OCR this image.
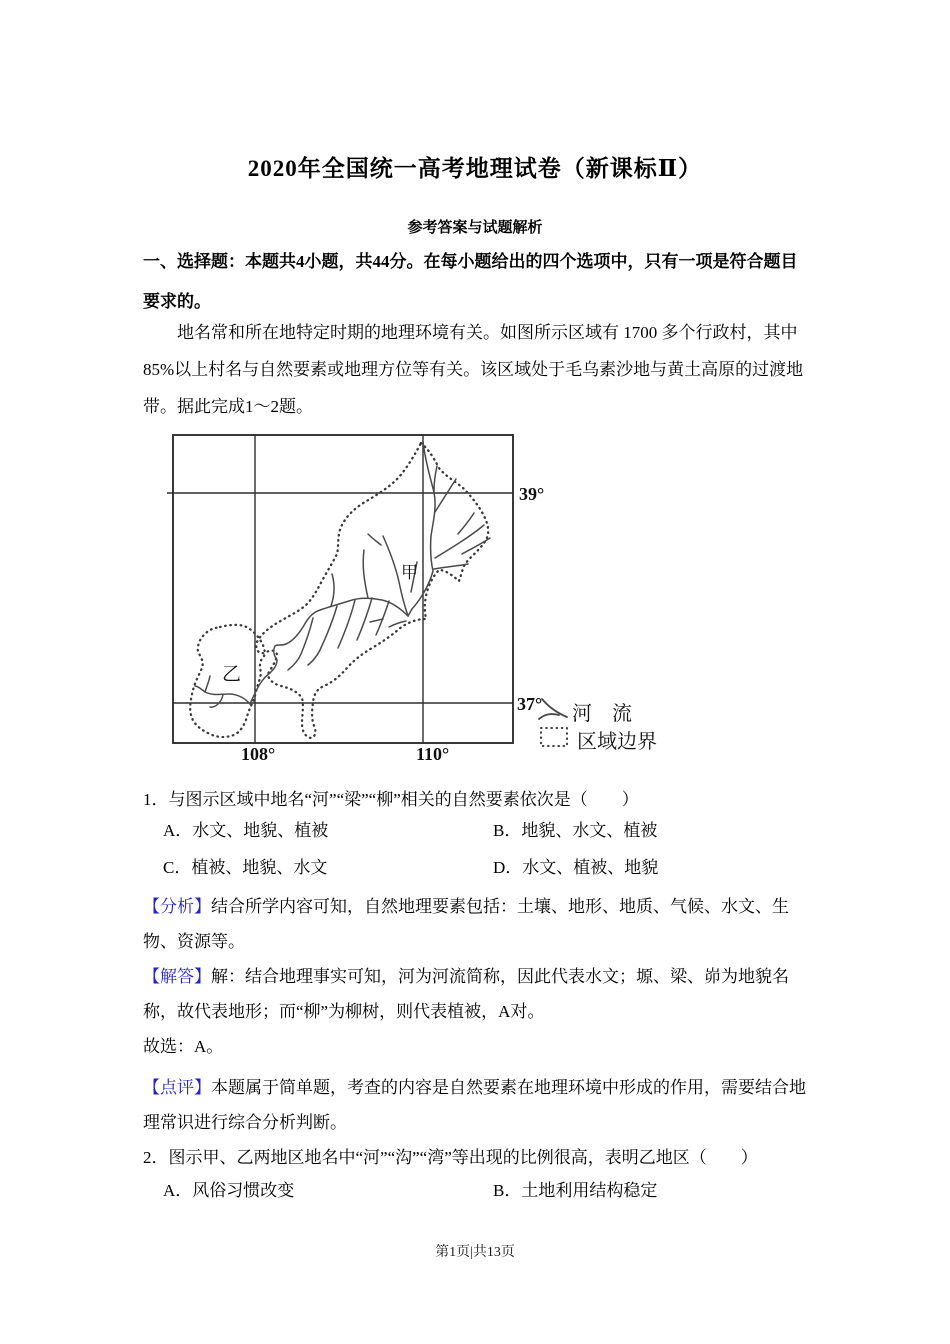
2020年全国统一高考地理试卷（新课标Ⅱ）
参考答案与试题解析
一、选择题：本题共4小题，共44分。在每小题给出的四个选项中，只有一项是符合题目要求的。
地名常和所在地特定时期的地理环境有关。如图所示区域有 1700 多个行政村，其中85%以上村名与自然要素或地理方位等有关。该区域处于毛乌素沙地与黄土高原的过渡地带。据此完成1～2题。
39°
37°
108°	110°
甲
乙
河　流
区域边界
1．与图示区域中地名“河”“梁”“柳”相关的自然要素依次是（　　）
A．水文、地貌、植被	B．地貌、水文、植被
C．植被、地貌、水文	D．水文、植被、地貌
【分析】结合所学内容可知，自然地理要素包括：土壤、地形、地质、气候、水文、生物、资源等。
【解答】解：结合地理事实可知，河为河流简称，因此代表水文；塬、梁、峁为地貌名称，故代表地形；而“柳”为柳树，则代表植被，A对。
故选：A。
【点评】本题属于简单题，考查的内容是自然要素在地理环境中形成的作用，需要结合地理常识进行综合分析判断。
2．图示甲、乙两地区地名中“河”“沟”“湾”等出现的比例很高，表明乙地区（　　）
A．风俗习惯改变	B．土地利用结构稳定
第1页|共13页
